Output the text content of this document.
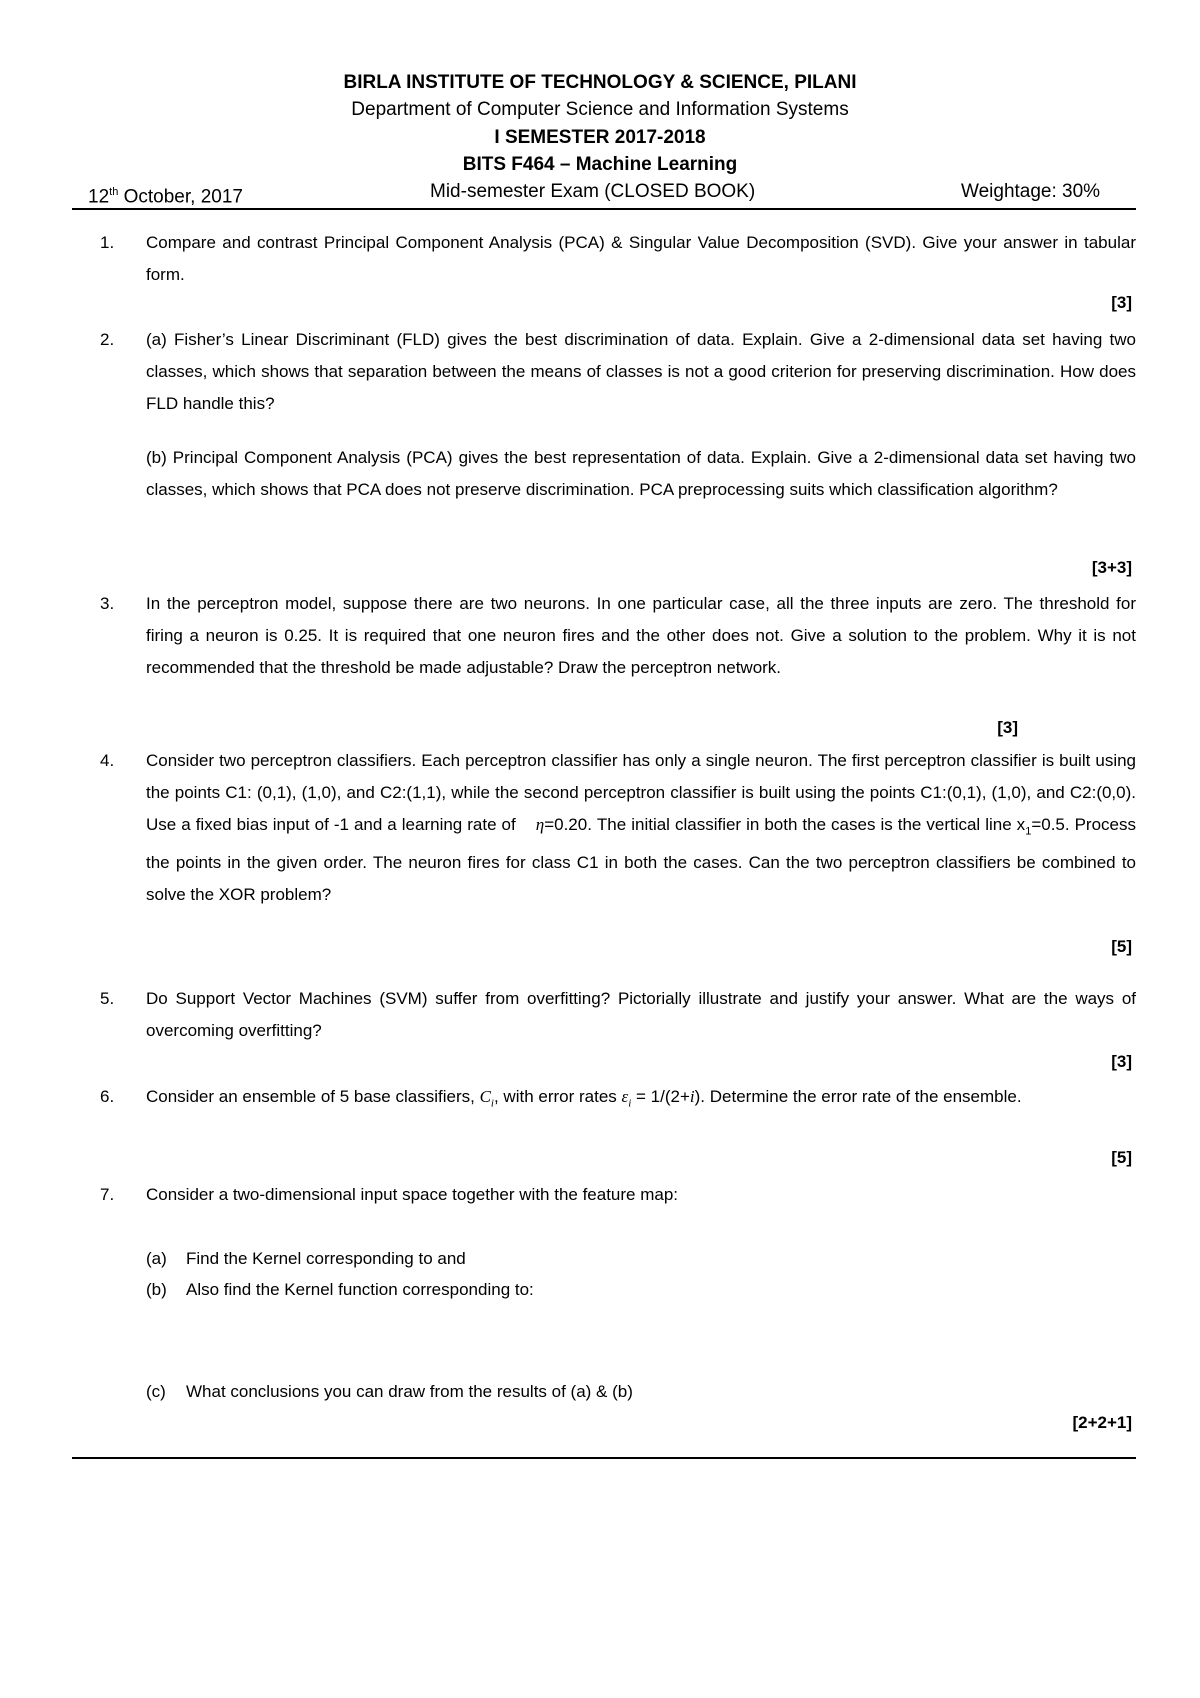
BIRLA INSTITUTE OF TECHNOLOGY & SCIENCE, PILANI
Department of Computer Science and Information Systems
I SEMESTER 2017-2018
BITS F464 – Machine Learning
12th October, 2017	Mid-semester Exam (CLOSED BOOK)	Weightage: 30%
1. Compare and contrast Principal Component Analysis (PCA) & Singular Value Decomposition (SVD). Give your answer in tabular form.

[3]
2. (a) Fisher’s Linear Discriminant (FLD) gives the best discrimination of data. Explain. Give a 2-dimensional data set having two classes, which shows that separation between the means of classes is not a good criterion for preserving discrimination. How does FLD handle this?

(b) Principal Component Analysis (PCA) gives the best representation of data. Explain. Give a 2-dimensional data set having two classes, which shows that PCA does not preserve discrimination. PCA preprocessing suits which classification algorithm?

[3+3]
3. In the perceptron model, suppose there are two neurons. In one particular case, all the three inputs are zero. The threshold for firing a neuron is 0.25. It is required that one neuron fires and the other does not. Give a solution to the problem. Why it is not recommended that the threshold be made adjustable? Draw the perceptron network.

[3]
4. Consider two perceptron classifiers. Each perceptron classifier has only a single neuron. The first perceptron classifier is built using the points C1: (0,1), (1,0), and C2:(1,1), while the second perceptron classifier is built using the points C1:(0,1), (1,0), and C2:(0,0). Use a fixed bias input of -1 and a learning rate of η=0.20. The initial classifier in both the cases is the vertical line $x_1=0.5$. Process the points in the given order. The neuron fires for class C1 in both the cases. Can the two perceptron classifiers be combined to solve the XOR problem?

[5]
5. Do Support Vector Machines (SVM) suffer from overfitting? Pictorially illustrate and justify your answer. What are the ways of overcoming overfitting?

[3]
6. Consider an ensemble of 5 base classifiers, $C_i$, with error rates $\varepsilon_i = 1/(2+i)$. Determine the error rate of the ensemble.

[5]
7. Consider a two-dimensional input space together with the feature map:

(a) Find the Kernel corresponding to and
(b) Also find the Kernel function corresponding to:
(c) What conclusions you can draw from the results of (a) & (b)
[2+2+1]
